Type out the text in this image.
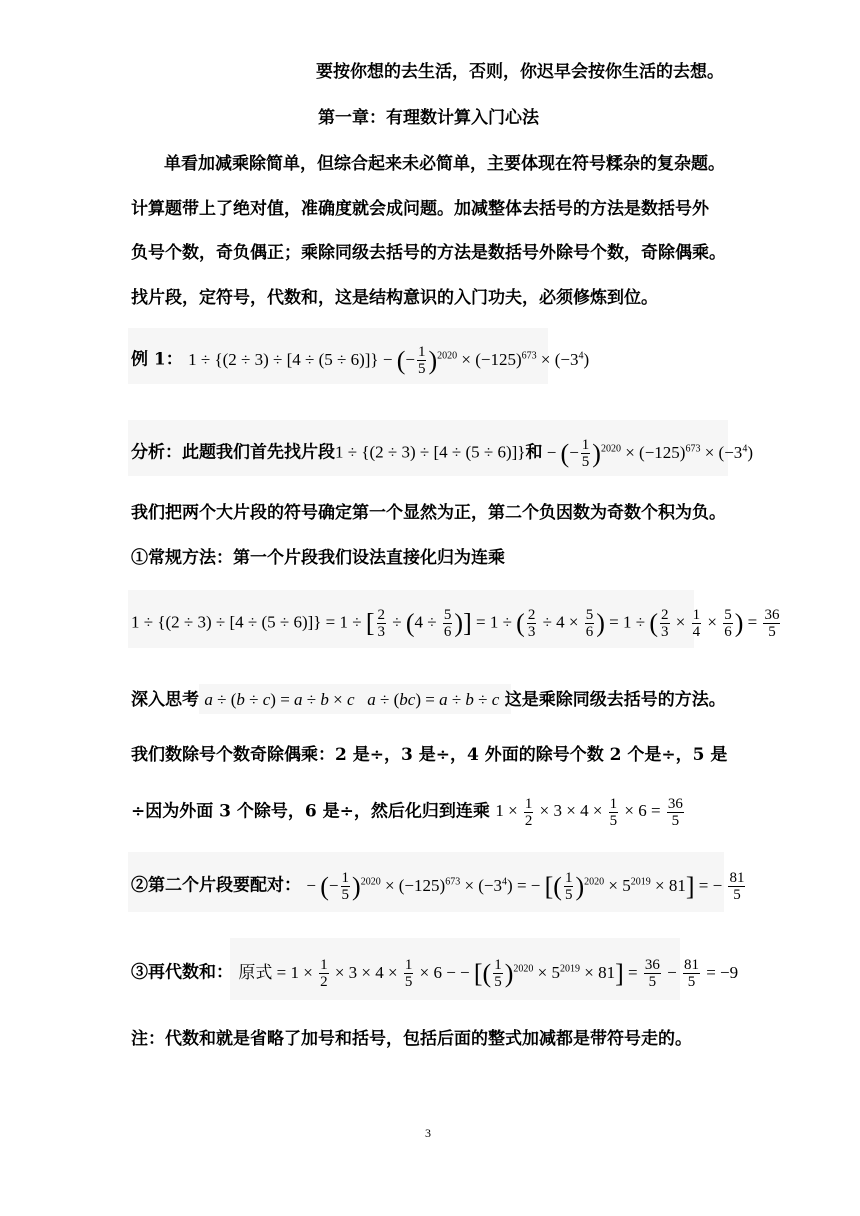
要按你想的去生活，否则，你迟早会按你生活的去想。
第一章：有理数计算入门心法
单看加减乘除简单，但综合起来未必简单，主要体现在符号糅杂的复杂题。
计算题带上了绝对值，准确度就会成问题。加减整体去括号的方法是数括号外
负号个数，奇负偶正；乘除同级去括号的方法是数括号外除号个数，奇除偶乘。
找片段，定符号，代数和，这是结构意识的入门功夫，必须修炼到位。
例 1： 1 ÷ {(2 ÷ 3) ÷ [4 ÷ (5 ÷ 6)]} − (− $\frac{1}{5} )^{2020} \times (-125)^{673} \times (-3^4)$
分析：此题我们首先找片段1 ÷ {(2 ÷ 3) ÷ [4 ÷ (5 ÷ 6)]}和 − (− $\frac{1}{5} )^{2020} \times (-125)^{673} \times (-3^4)$
我们把两个大片段的符号确定第一个显然为正，第二个负因数为奇数个积为负。
①常规方法：第一个片段我们设法直接化归为连乘
1 ÷ {(2 ÷ 3) ÷ [4 ÷ (5 ÷ 6)]} = 1 ÷ [ $\frac{2}{3} \div (4 \div \frac{5}{6}$ )] = 1 ÷ ( $\frac{2}{3} \div 4 \times \frac{5}{6}$ ) = 1 ÷ ( $\frac{2}{3} \times \frac{1}{4} \times \frac{5}{6}$ ) = $\frac{36}{5}$
深入思考 a ÷ (b ÷ c) = a ÷ b × c a ÷ (bc) = a ÷ b ÷ c 这是乘除同级去括号的方法。
我们数除号个数奇除偶乘：2 是÷，3 是÷，4 外面的除号个数 2 个是÷，5 是
÷因为外面 3 个除号，6 是÷，然后化归到连乘 $1 \times \frac{1}{2} \times 3 \times 4 \times \frac{1}{5} \times 6 = \frac{36}{5}$
②第二个片段要配对： − (− $\frac{1}{5} )^{2020} \times (-125)^{673} \times (-3^4)$ = − [( $\frac{1}{5} )^{2020} \times 5^{2019} \times 81$] = − $\frac{81}{5}$
③再代数和： 原式 = $1 \times \frac{1}{2} \times 3 \times 4 \times \frac{1}{5} \times 6$ − − [( $\frac{1}{5} )^{2020} \times 5^{2019} \times 81] = \frac{36}{5} - \frac{81}{5} = -9$
注：代数和就是省略了加号和括号，包括后面的整式加减都是带符号走的。
3
